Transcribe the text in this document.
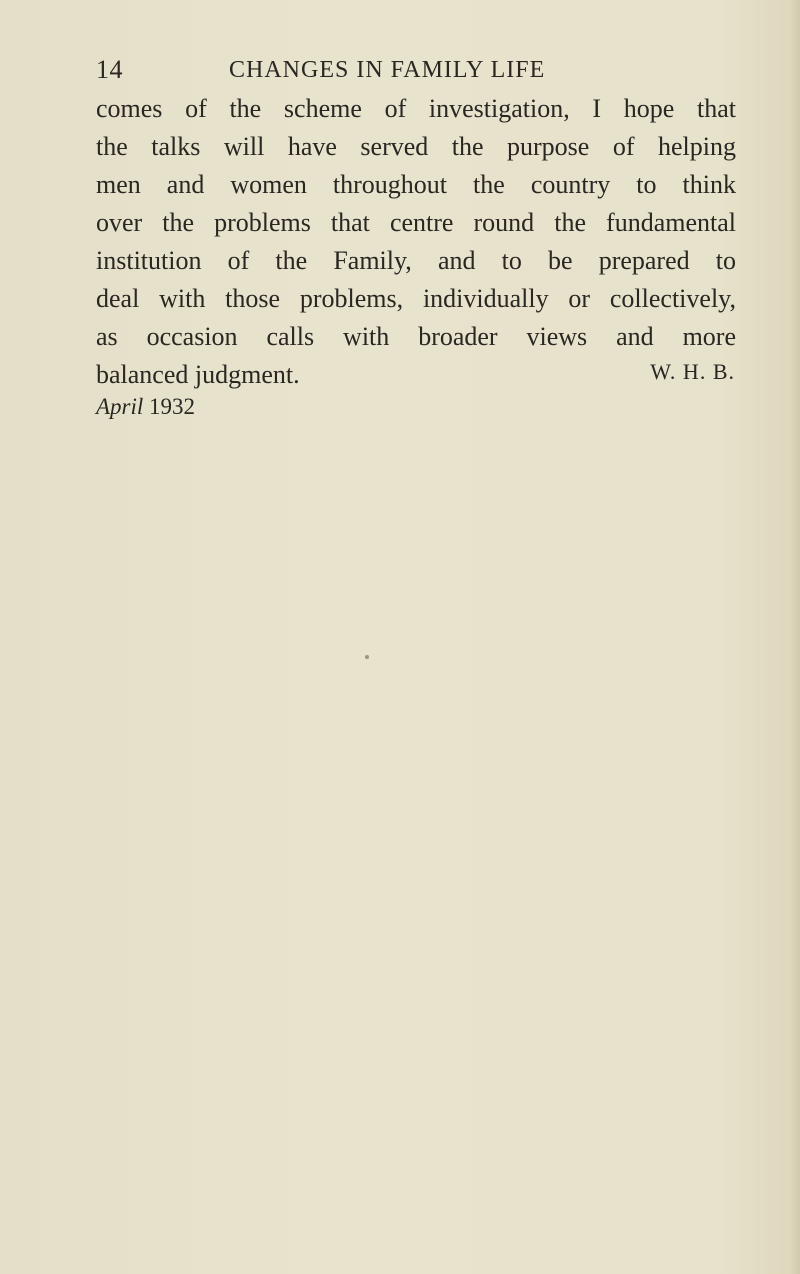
14	CHANGES IN FAMILY LIFE
comes of the scheme of investigation, I hope that
the talks will have served the purpose of helping
men and women throughout the country to think
over the problems that centre round the fundamental
institution of the Family, and to be prepared to
deal with those problems, individually or collectively,
as occasion calls with broader views and more
balanced judgment.	W. H. B.
April 1932
